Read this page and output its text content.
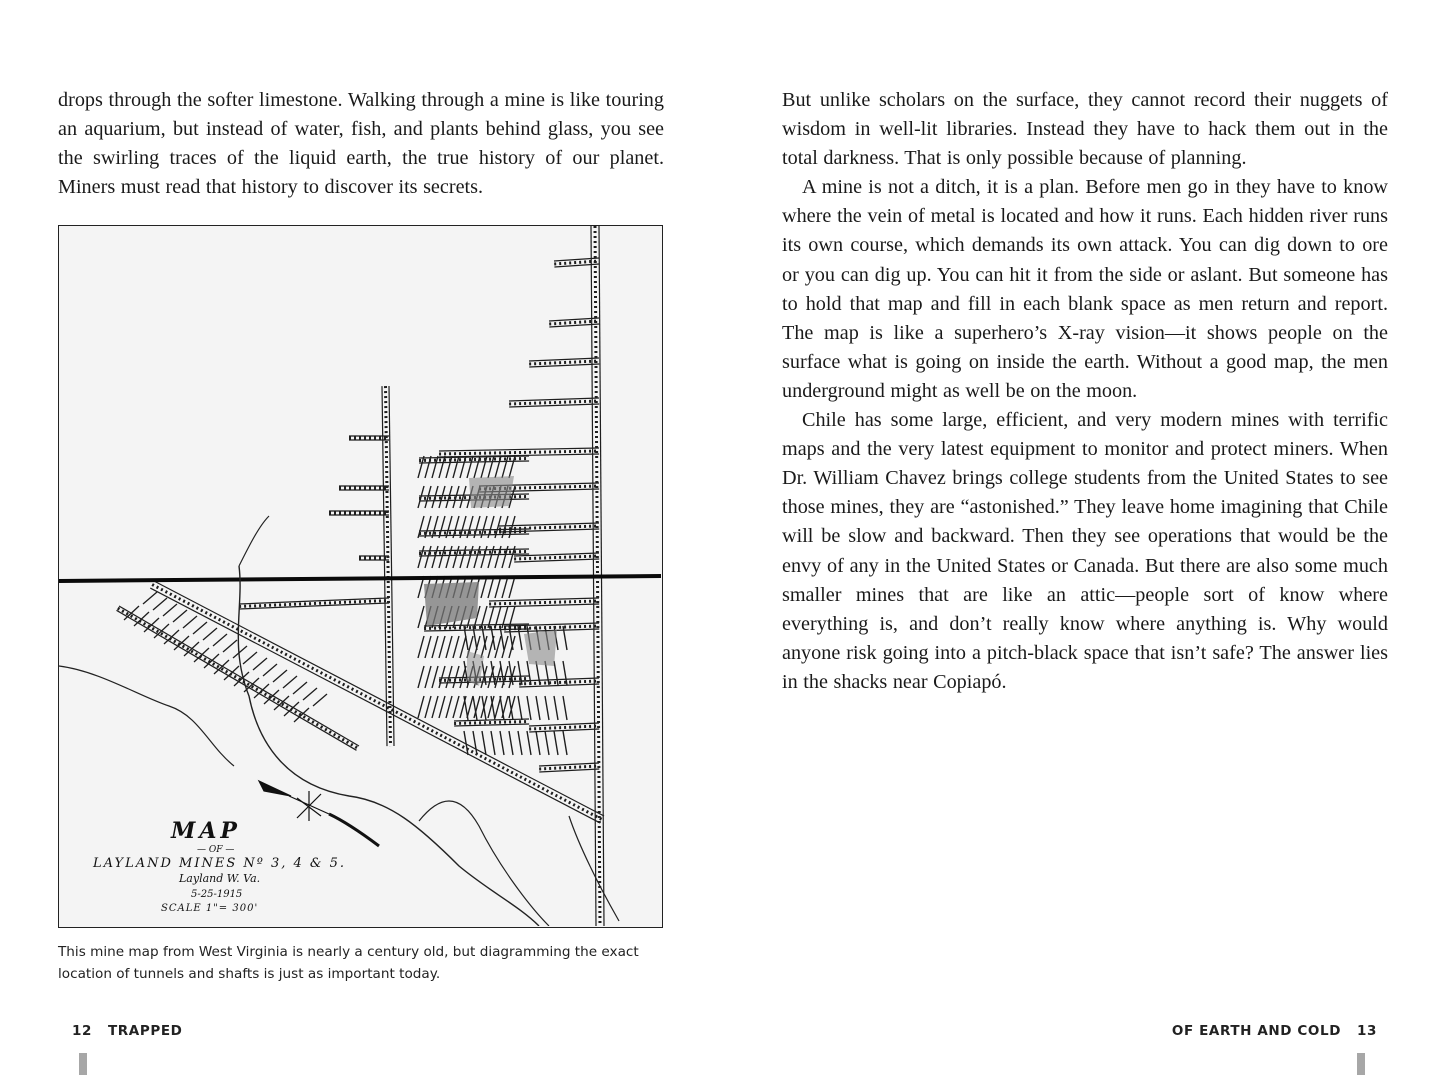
drops through the softer limestone. Walking through a mine is like touring an aquarium, but instead of water, fish, and plants behind glass, you see the swirling traces of the liquid earth, the true history of our planet. Miners must read that history to discover its secrets.

MAP
— OF —
LAYLAND MINES Nº 3, 4 & 5.
Layland W. Va.
5-25-1915
SCALE 1"= 300'
This mine map from West Virginia is nearly a century old, but diagramming the exact location of tunnels and shafts is just as important today.
12 TRAPPED

But unlike scholars on the surface, they cannot record their nuggets of wisdom in well-lit libraries. Instead they have to hack them out in the total darkness. That is only possible because of planning.

A mine is not a ditch, it is a plan. Before men go in they have to know where the vein of metal is located and how it runs. Each hidden river runs its own course, which demands its own attack. You can dig down to ore or you can dig up. You can hit it from the side or aslant. But someone has to hold that map and fill in each blank space as men return and report. The map is like a superhero’s X-ray vision—it shows people on the surface what is going on inside the earth. Without a good map, the men underground might as well be on the moon.

Chile has some large, efficient, and very modern mines with terrific maps and the very latest equipment to monitor and protect miners. When Dr. William Chavez brings college students from the United States to see those mines, they are “astonished.” They leave home imagining that Chile will be slow and backward. Then they see operations that would be the envy of any in the United States or Canada. But there are also some much smaller mines that are like an attic—people sort of know where everything is, and don’t really know where anything is. Why would anyone risk going into a pitch-black space that isn’t safe? The answer lies in the shacks near Copiapó.

OF EARTH AND COLD 13
